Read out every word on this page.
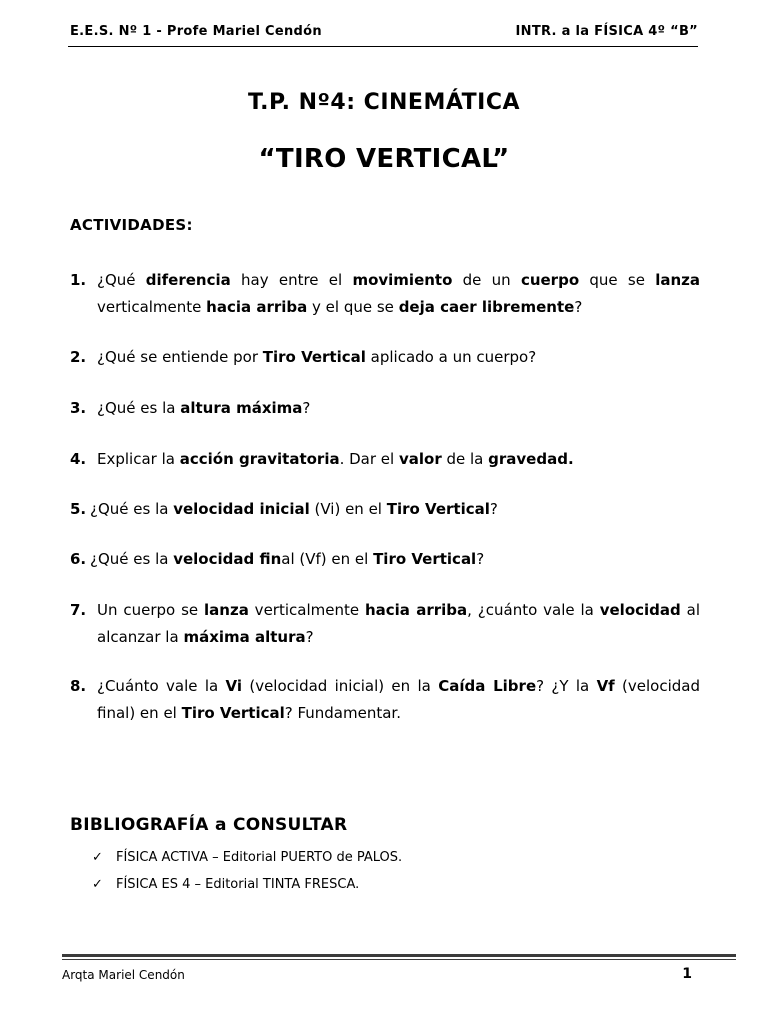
E.E.S. Nº 1 - Profe Mariel Cendón	INTR. a la FÍSICA 4º “B”
T.P. Nº4: CINEMÁTICA
“TIRO VERTICAL”
ACTIVIDADES:
1. ¿Qué diferencia hay entre el movimiento de un cuerpo que se lanza verticalmente hacia arriba y el que se deja caer libremente?
2. ¿Qué se entiende por Tiro Vertical aplicado a un cuerpo?
3. ¿Qué es la altura máxima?
4. Explicar la acción gravitatoria. Dar el valor de la gravedad.
5. ¿Qué es la velocidad inicial (Vi) en el Tiro Vertical?
6. ¿Qué es la velocidad final (Vf) en el Tiro Vertical?
7. Un cuerpo se lanza verticalmente hacia arriba, ¿cuánto vale la velocidad al alcanzar la máxima altura?
8. ¿Cuánto vale la Vi (velocidad inicial) en la Caída Libre? ¿Y la Vf (velocidad final) en el Tiro Vertical? Fundamentar.
BIBLIOGRAFÍA a CONSULTAR
✓ FÍSICA ACTIVA – Editorial PUERTO de PALOS.
✓ FÍSICA ES 4 – Editorial TINTA FRESCA.
Arqta Mariel Cendón	1
